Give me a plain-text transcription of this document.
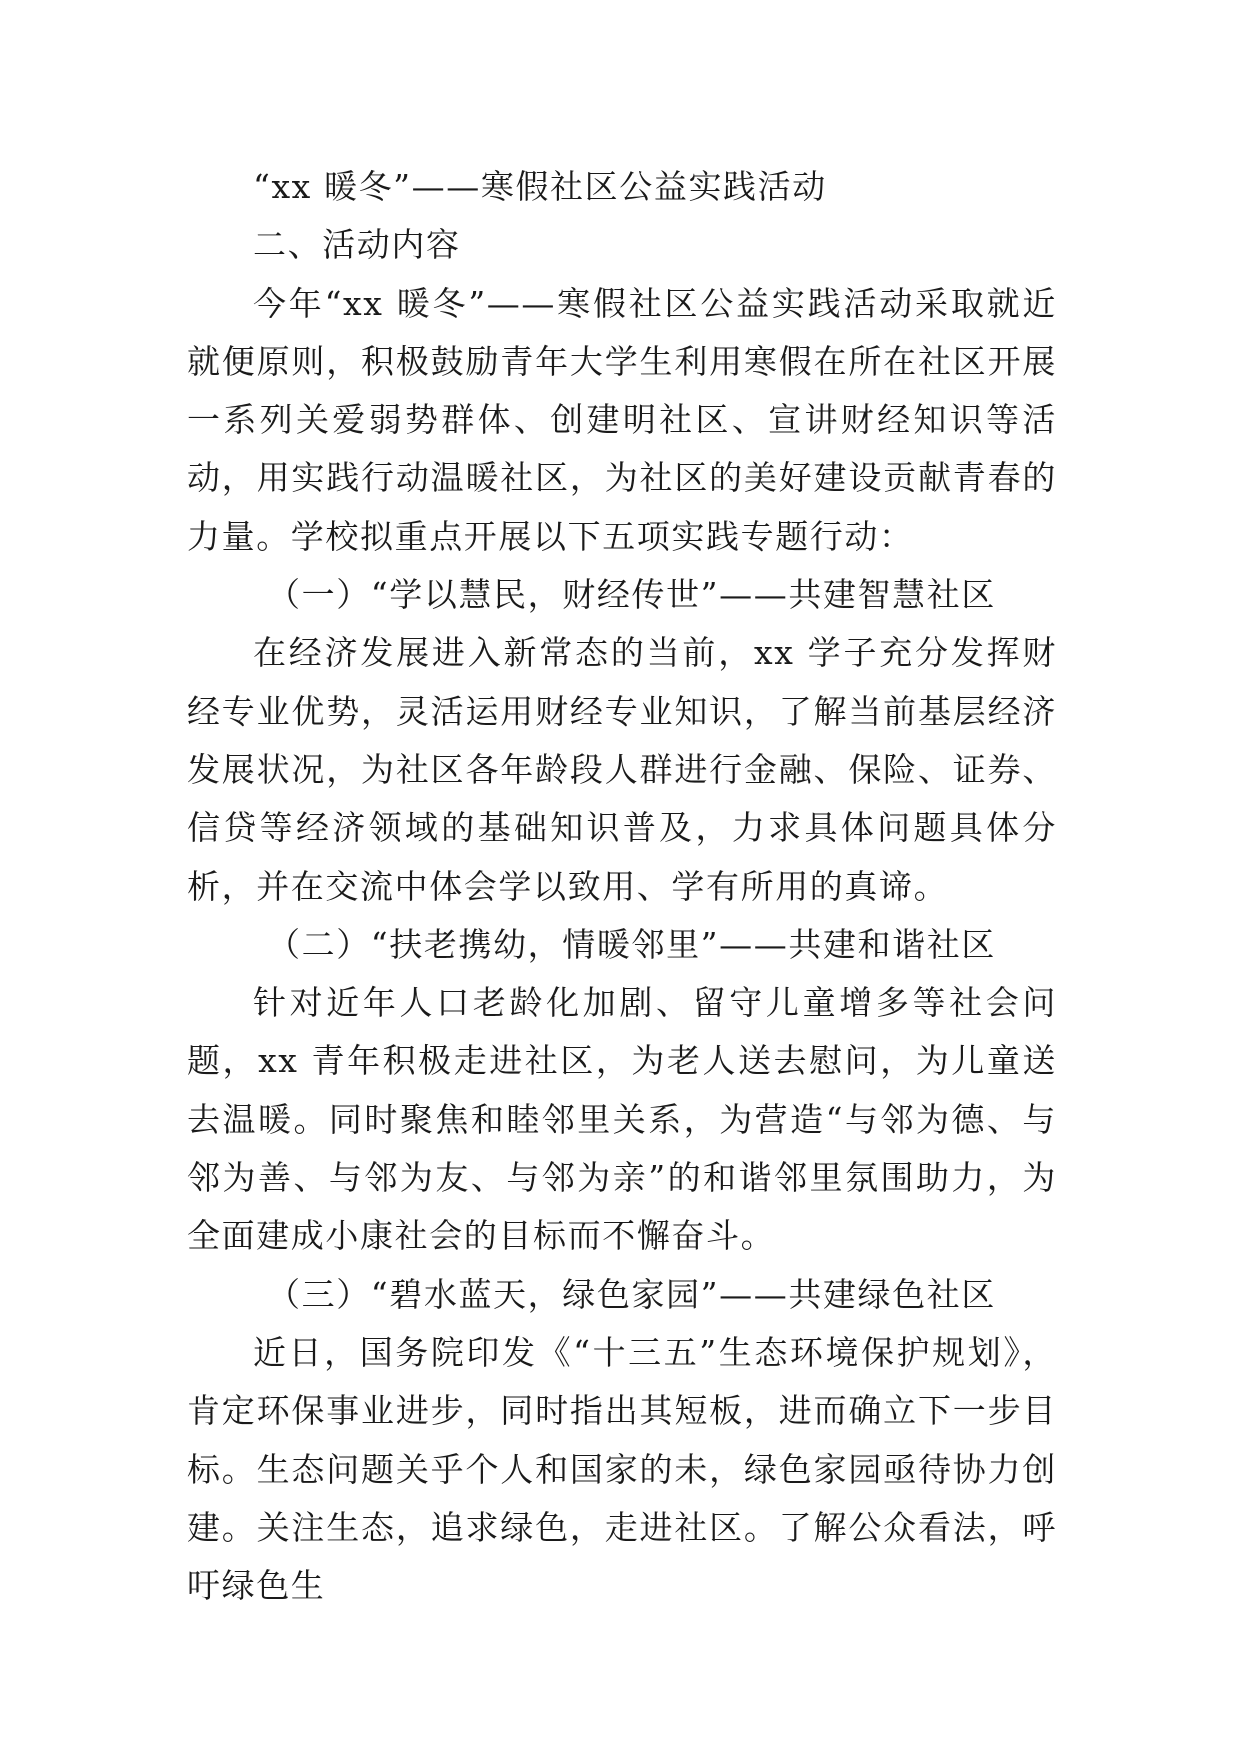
“xx 暖冬”——寒假社区公益实践活动

二、活动内容

今年“xx 暖冬”——寒假社区公益实践活动采取就近就便原则，积极鼓励青年大学生利用寒假在所在社区开展一系列关爱弱势群体、创建明社区、宣讲财经知识等活动，用实践行动温暖社区，为社区的美好建设贡献青春的力量。学校拟重点开展以下五项实践专题行动：

（一）“学以慧民，财经传世”——共建智慧社区

在经济发展进入新常态的当前，xx 学子充分发挥财经专业优势，灵活运用财经专业知识，了解当前基层经济发展状况，为社区各年龄段人群进行金融、保险、证券、信贷等经济领域的基础知识普及，力求具体问题具体分析，并在交流中体会学以致用、学有所用的真谛。

（二）“扶老携幼，情暖邻里”——共建和谐社区

针对近年人口老龄化加剧、留守儿童增多等社会问题，xx 青年积极走进社区，为老人送去慰问，为儿童送去温暖。同时聚焦和睦邻里关系，为营造“与邻为德、与邻为善、与邻为友、与邻为亲”的和谐邻里氛围助力，为全面建成小康社会的目标而不懈奋斗。

（三）“碧水蓝天，绿色家园”——共建绿色社区

近日，国务院印发《“十三五”生态环境保护规划》，肯定环保事业进步，同时指出其短板，进而确立下一步目标。生态问题关乎个人和国家的未，绿色家园亟待协力创建。关注生态，追求绿色，走进社区。了解公众看法，呼吁绿色生
